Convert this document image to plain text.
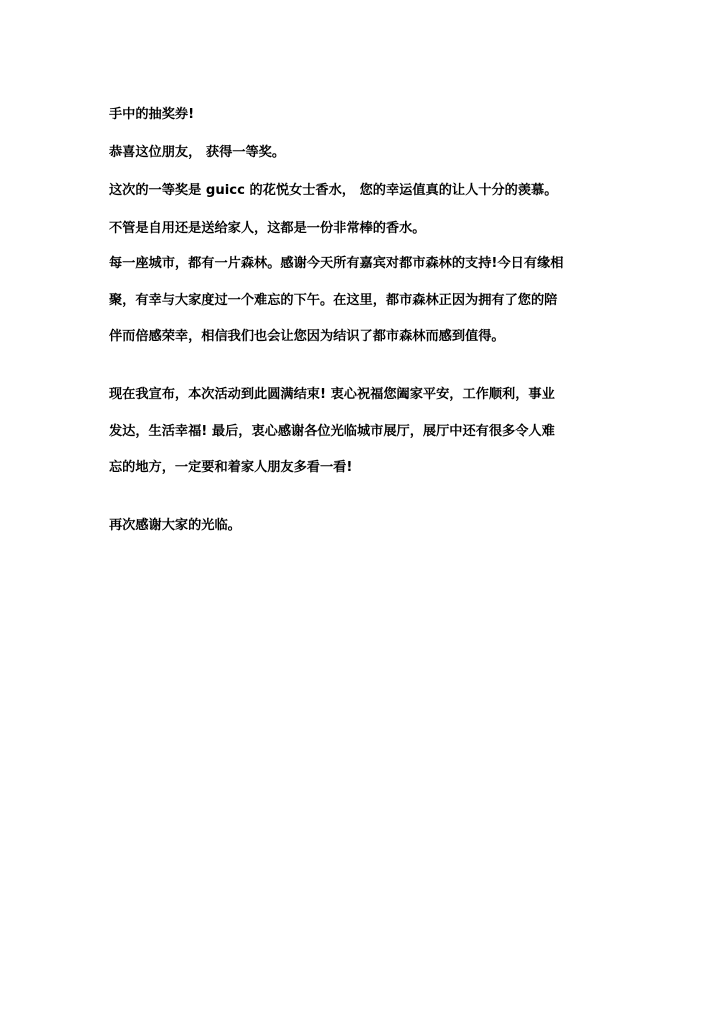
手中的抽奖券!

恭喜这位朋友， 获得一等奖。

这次的一等奖是 guicc 的花悦女士香水， 您的幸运值真的让人十分的羡慕。

不管是自用还是送给家人，这都是一份非常棒的香水。

每一座城市，都有一片森林。感谢今天所有嘉宾对都市森林的支持!今日有缘相

聚，有幸与大家度过一个难忘的下午。在这里，都市森林正因为拥有了您的陪

伴而倍感荣幸，相信我们也会让您因为结识了都市森林而感到值得。

现在我宣布，本次活动到此圆满结束! 衷心祝福您阖家平安，工作顺利，事业

发达，生活幸福! 最后，衷心感谢各位光临城市展厅，展厅中还有很多令人难

忘的地方，一定要和着家人朋友多看一看!

再次感谢大家的光临。
